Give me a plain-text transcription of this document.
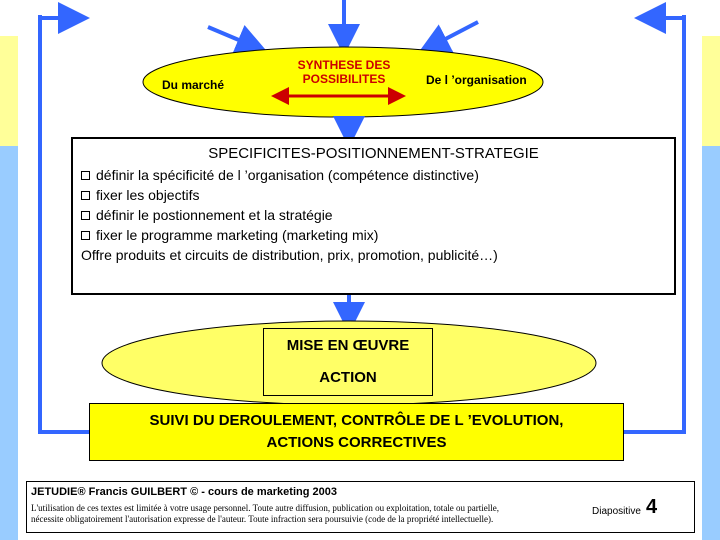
Du marché
SYNTHESE DES
POSSIBILITES	De l ’organisation
SPECIFICITES-POSITIONNEMENT-STRATEGIE
définir la spécificité de l ’organisation (compétence distinctive)
fixer les objectifs
définir le postionnement et la stratégie
fixer le programme marketing (marketing mix)
Offre produits et circuits de distribution, prix, promotion, publicité…)
MISE EN ŒUVRE
ACTION
SUIVI DU DEROULEMENT, CONTRÔLE DE L ’EVOLUTION,
ACTIONS CORRECTIVES
JETUDIE® Francis GUILBERT © - cours de marketing 2003
L'utilisation de ces textes est limitée à votre usage personnel. Toute autre diffusion, publication ou exploitation, totale ou partielle,
nécessite obligatoirement l'autorisation expresse de l'auteur. Toute infraction sera poursuivie (code de la propriété intellectuelle).
Diapositive 4
